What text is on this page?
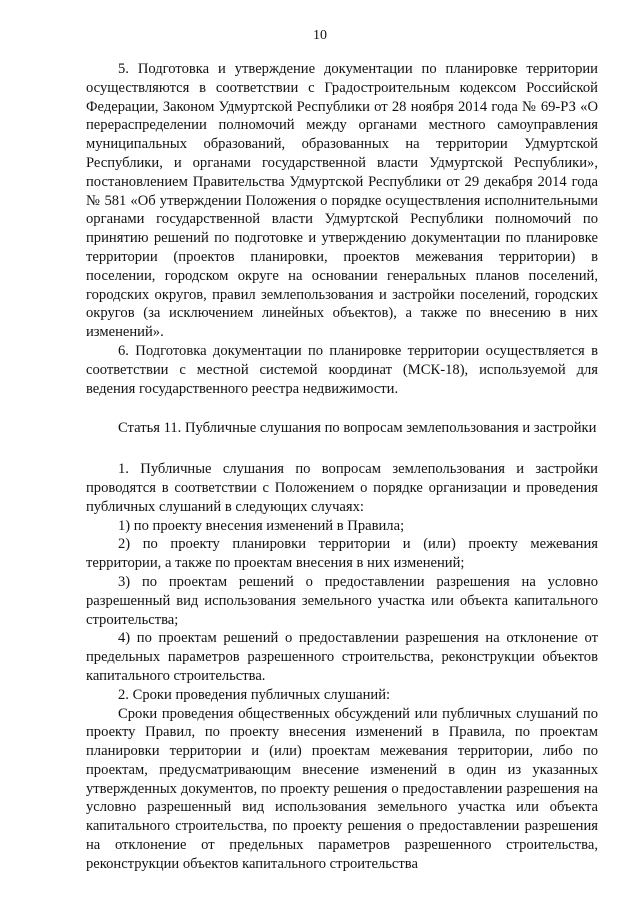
10

5. Подготовка и утверждение документации по планировке территории осуществляются в соответствии с Градостроительным кодексом Российской Федерации, Законом Удмуртской Республики от 28 ноября 2014 года № 69-РЗ «О перераспределении полномочий между органами местного самоуправления муниципальных образований, образованных на территории Удмуртской Республики, и органами государственной власти Удмуртской Республики», постановлением Правительства Удмуртской Республики от 29 декабря 2014 года № 581 «Об утверждении Положения о порядке осуществления исполнительными органами государственной власти Удмуртской Республики полномочий по принятию решений по подготовке и утверждению документации по планировке территории (проектов планировки, проектов межевания территории) в поселении, городском округе на основании генеральных планов поселений, городских округов, правил землепользования и застройки поселений, городских округов (за исключением линейных объектов), а также по внесению в них изменений».

6. Подготовка документации по планировке территории осуществляется в соответствии с местной системой координат (МСК-18), используемой для ведения государственного реестра недвижимости.

Статья 11. Публичные слушания по вопросам землепользования и застройки

1. Публичные слушания по вопросам землепользования и застройки проводятся в соответствии с Положением о порядке организации и проведения публичных слушаний в следующих случаях:

1) по проекту внесения изменений в Правила;

2) по проекту планировки территории и (или) проекту межевания территории, а также по проектам внесения в них изменений;

3) по проектам решений о предоставлении разрешения на условно разрешенный вид использования земельного участка или объекта капитального строительства;

4) по проектам решений о предоставлении разрешения на отклонение от предельных параметров разрешенного строительства, реконструкции объектов капитального строительства.

2. Сроки проведения публичных слушаний:

Сроки проведения общественных обсуждений или публичных слушаний по проекту Правил, по проекту внесения изменений в Правила, по проектам планировки территории и (или) проектам межевания территории, либо по проектам, предусматривающим внесение изменений в один из указанных утвержденных документов, по проекту решения о предоставлении разрешения на условно разрешенный вид использования земельного участка или объекта капитального строительства, по проекту решения о предоставлении разрешения на отклонение от предельных параметров разрешенного строительства, реконструкции объектов капитального строительства
